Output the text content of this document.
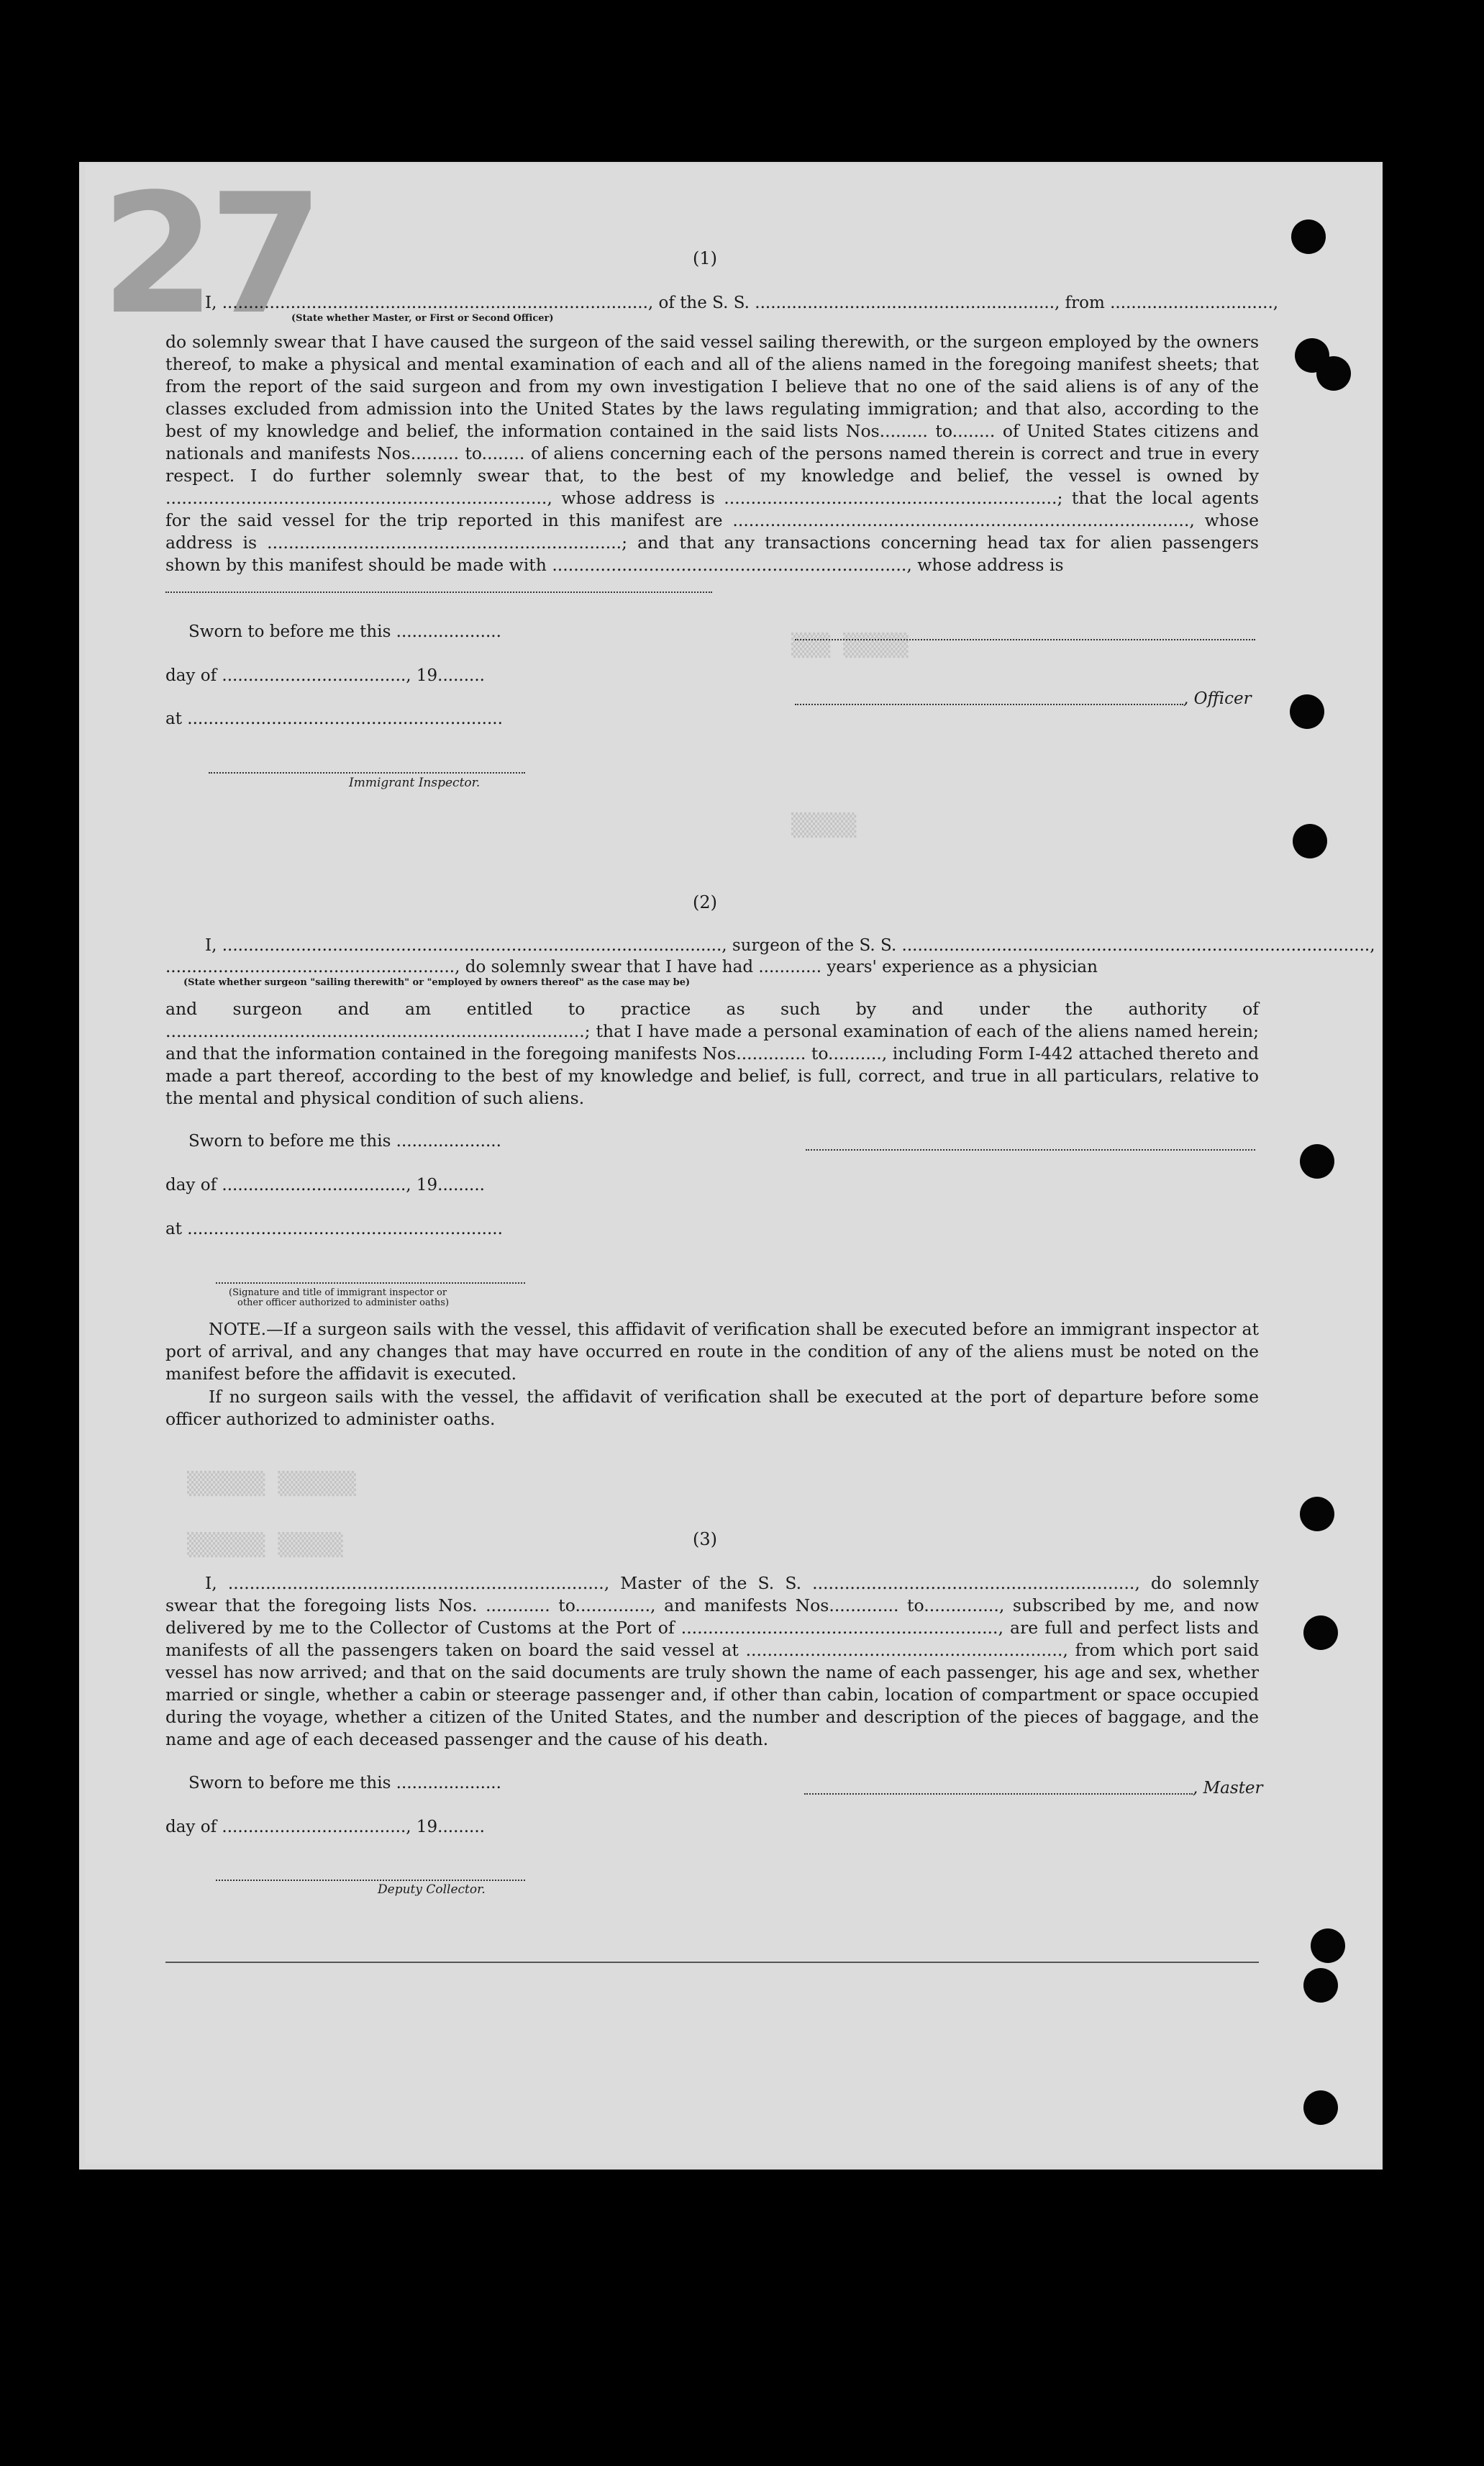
27
▒▒▒ ▒▒▒▒▒
▒▒▒▒▒
▒▒▒▒▒▒ ▒▒▒▒▒▒
▒▒▒▒▒▒ ▒▒▒▒▒
(1)
I, ................................................................................., of the S. S. ........................................................., from ...............................,
(State whether Master, or First or Second Officer)
do solemnly swear that I have caused the surgeon of the said vessel sailing therewith, or the surgeon employed by the owners thereof, to make a physical and mental examination of each and all of the aliens named in the foregoing manifest sheets; that from the report of the said surgeon and from my own investigation I believe that no one of the said aliens is of any of the classes excluded from admission into the United States by the laws regulating immigration; and that also, according to the best of my knowledge and belief, the information contained in the said lists Nos......... to........ of United States citizens and nationals and manifests Nos......... to........ of aliens concerning each of the persons named therein is correct and true in every respect. I do further solemnly swear that, to the best of my knowledge and belief, the vessel is owned by ......................................................................., whose address is ..............................................................; that the local agents for the said vessel for the trip reported in this manifest are ....................................................................................., whose address is ..................................................................; and that any transactions concerning head tax for alien passengers shown by this manifest should be made with .................................................................., whose address is
Sworn to before me this ....................
day of ..................................., 19.........
, Officer
at ............................................................
Immigrant Inspector.
(2)
I, ..............................................................................................., surgeon of the S. S. .........................................................................................,
......................................................., do solemnly swear that I have had ............ years' experience as a physician
(State whether surgeon "sailing therewith" or "employed by owners thereof" as the case may be)
and surgeon and am entitled to practice as such by and under the authority of ..............................................................................; that I have made a personal examination of each of the aliens named herein; and that the information contained in the foregoing manifests Nos............. to.........., including Form I-442 attached thereto and made a part thereof, according to the best of my knowledge and belief, is full, correct, and true in all particulars, relative to the mental and physical condition of such aliens.
Sworn to before me this ....................
day of ..................................., 19.........
at ............................................................
(Signature and title of immigrant inspector or
other officer authorized to administer oaths)
NOTE.—If a surgeon sails with the vessel, this affidavit of verification shall be executed before an immigrant inspector at port of arrival, and any changes that may have occurred en route in the condition of any of the aliens must be noted on the manifest before the affidavit is executed.
If no surgeon sails with the vessel, the affidavit of verification shall be executed at the port of departure before some officer authorized to administer oaths.
(3)
I, ......................................................................, Master of the S. S. ............................................................, do solemnly swear that the foregoing lists Nos. ............ to.............., and manifests Nos............. to.............., subscribed by me, and now delivered by me to the Collector of Customs at the Port of ..........................................................., are full and perfect lists and manifests of all the passengers taken on board the said vessel at ..........................................................., from which port said vessel has now arrived; and that on the said documents are truly shown the name of each passenger, his age and sex, whether married or single, whether a cabin or steerage passenger and, if other than cabin, location of compartment or space occupied during the voyage, whether a citizen of the United States, and the number and description of the pieces of baggage, and the name and age of each deceased passenger and the cause of his death.
Sworn to before me this ....................	, Master
day of ..................................., 19.........
Deputy Collector.
